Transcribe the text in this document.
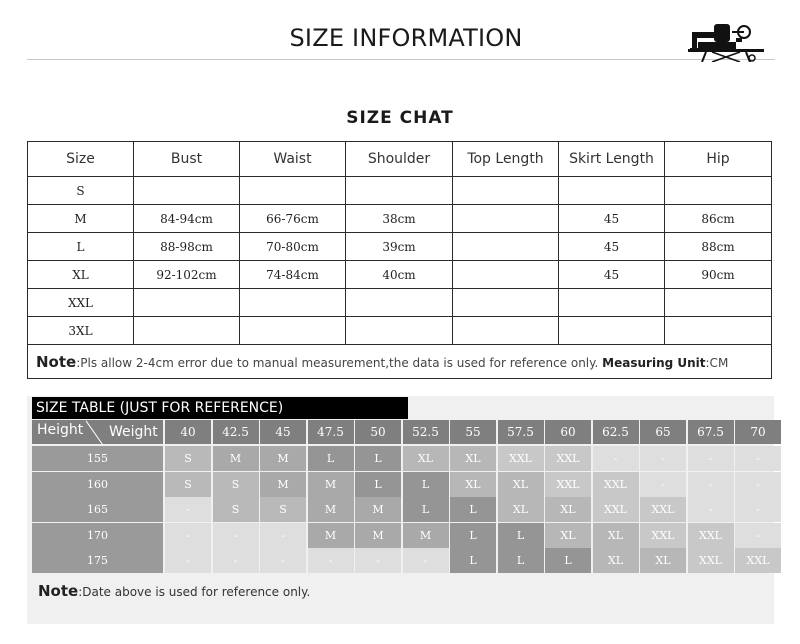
SIZE INFORMATION
SIZE CHAT
Size	Bust	Waist	Shoulder	Top Length	Skirt Length	Hip
S						
M	84-94cm	66-76cm	38cm		45	86cm
L	88-98cm	70-80cm	39cm		45	88cm
XL	92-102cm	74-84cm	40cm		45	90cm
XXL						
3XL						
Note:Pls allow 2-4cm error due to manual measurement,the data is used for reference only. Measuring Unit:CM						
SIZE TABLE (JUST FOR REFERENCE)
Height Weight	40	42.5	45	47.5	50	52.5	55	57.5	60	62.5	65	67.5	70
155	S	M	M	L	L	XL	XL	XXL	XXL	-	-	-	-
160	S	S	M	M	L	L	XL	XL	XXL	XXL	-	-	-
165	-	S	S	M	M	L	L	XL	XL	XXL	XXL	-	-
170	-	-	-	M	M	M	L	L	XL	XL	XXL	XXL	-
175	-	-	-	-	-	-	L	L	L	XL	XL	XXL	XXL
Note:Date above is used for reference only.
